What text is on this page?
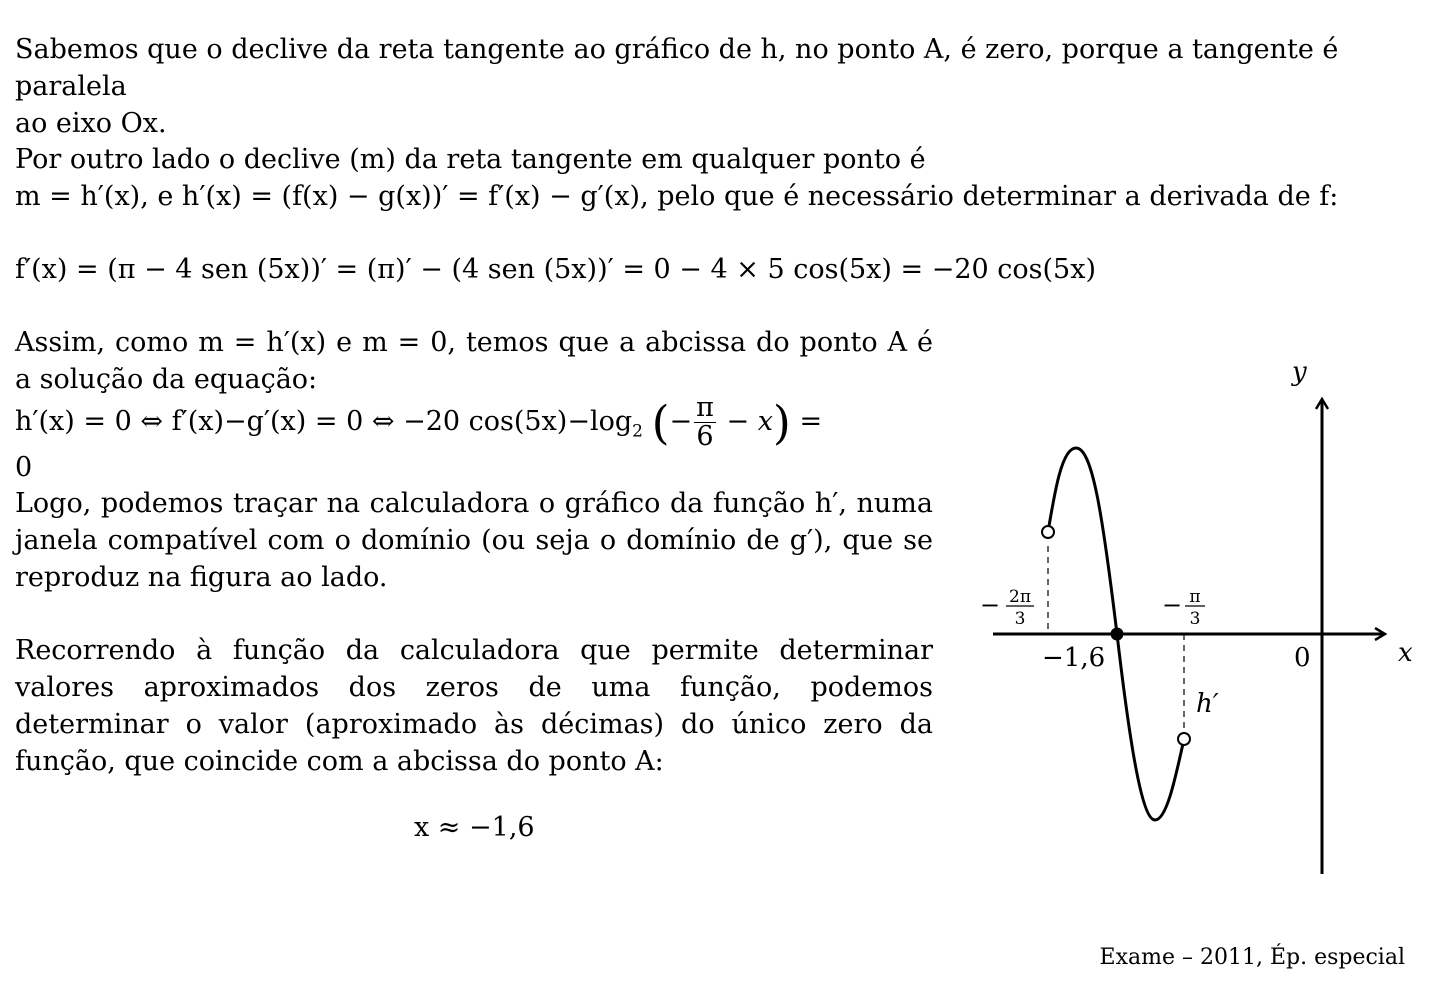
Sabemos que o declive da reta tangente ao gráfico de h, no ponto A, é zero, porque a tangente é paralela
ao eixo Ox.

Por outro lado o declive (m) da reta tangente em qualquer ponto é
m = h′(x), e h′(x) = (f(x) − g(x))′ = f′(x) − g′(x), pelo que é necessário determinar a derivada de f:

f′(x) = (π − 4 sen (5x))′ = (π)′ − (4 sen (5x))′ = 0 − 4 × 5 cos(5x) = −20 cos(5x)

Assim, como m = h′(x) e m = 0, temos que a abcissa do ponto A é a solução da equação:

h′(x) = 0 ⇔ f′(x)−g′(x) = 0 ⇔ −20 $\cos(5x)-\log_2$ (− $\frac{\pi}{6} - x$) =

0

Logo, podemos traçar na calculadora o gráfico da função h′, numa janela compatível com o domínio (ou seja o domínio de g′), que se reproduz na figura ao lado.

Recorrendo à função da calculadora que permite determinar valores aproximados dos zeros de uma função, podemos determinar o valor (aproximado às décimas) do único zero da função, que coincide com a abcissa do ponto A:

x ≈ −1,6
y
x
0
−1,6
h′
− 2π
3	− π
3
Exame – 2011, Ép. especial
